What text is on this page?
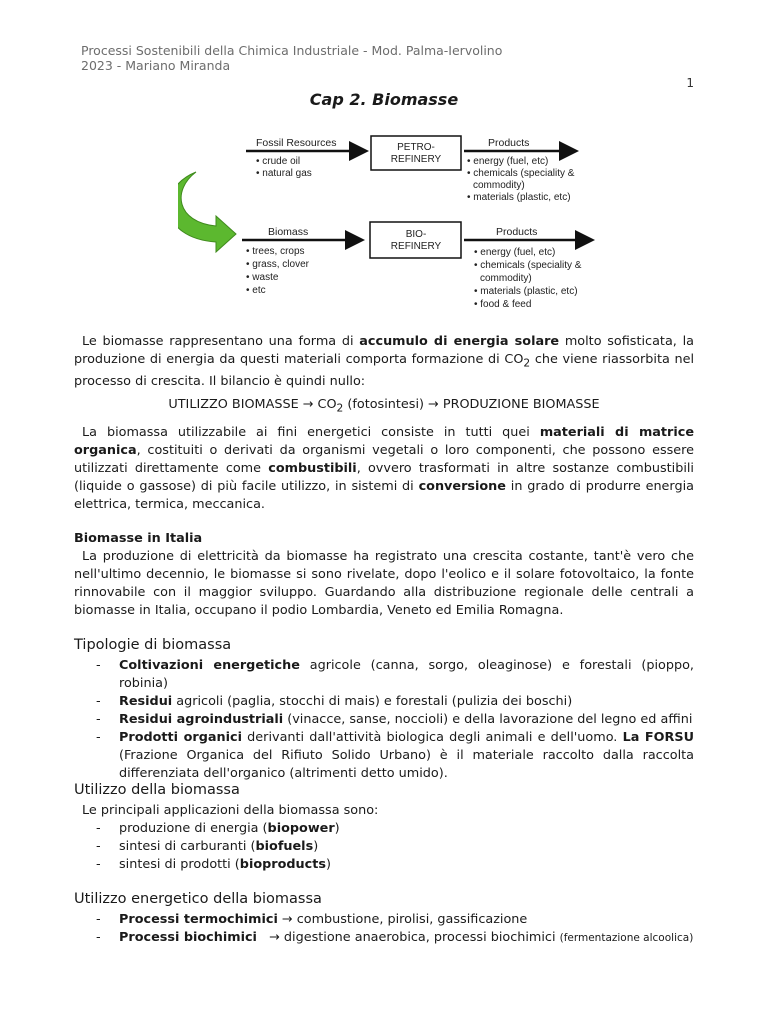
Processi Sostenibili della Chimica Industriale - Mod. Palma-Iervolino
2023 - Mariano Miranda
1
Cap 2. Biomasse
Fossil Resources
• crude oil
• natural gas
PETRO-
REFINERY
Products
• energy (fuel, etc)
• chemicals (speciality &
commodity)
• materials (plastic, etc)
Biomass
• trees, crops
• grass, clover
• waste
• etc
BIO-
REFINERY
Products
• energy (fuel, etc)
• chemicals (speciality &
commodity)
• materials (plastic, etc)
• food & feed
Le biomasse rappresentano una forma di accumulo di energia solare molto sofisticata, la produzione di energia da questi materiali comporta formazione di $CO_2$ che viene riassorbita nel processo di crescita. Il bilancio è quindi nullo:
UTILIZZO BIOMASSE → $CO_2$ (fotosintesi) → PRODUZIONE BIOMASSE
La biomassa utilizzabile ai fini energetici consiste in tutti quei materiali di matrice organica, costituiti o derivati da organismi vegetali o loro componenti, che possono essere utilizzati direttamente come combustibili, ovvero trasformati in altre sostanze combustibili (liquide o gassose) di più facile utilizzo, in sistemi di conversione in grado di produrre energia elettrica, termica, meccanica.
Biomasse in Italia
La produzione di elettricità da biomasse ha registrato una crescita costante, tant'è vero che nell'ultimo decennio, le biomasse si sono rivelate, dopo l'eolico e il solare fotovoltaico, la fonte rinnovabile con il maggior sviluppo. Guardando alla distribuzione regionale delle centrali a biomasse in Italia, occupano il podio Lombardia, Veneto ed Emilia Romagna.
Tipologie di biomassa
- Coltivazioni energetiche agricole (canna, sorgo, oleaginose) e forestali (pioppo, robinia)
- Residui agricoli (paglia, stocchi di mais) e forestali (pulizia dei boschi)
- Residui agroindustriali (vinacce, sanse, noccioli) e della lavorazione del legno ed affini
- Prodotti organici derivanti dall'attività biologica degli animali e dell'uomo. La FORSU (Frazione Organica del Rifiuto Solido Urbano) è il materiale raccolto dalla raccolta differenziata dell'organico (altrimenti detto umido).
Utilizzo della biomassa
Le principali applicazioni della biomassa sono:
- produzione di energia (biopower)
- sintesi di carburanti (biofuels)
- sintesi di prodotti (bioproducts)
Utilizzo energetico della biomassa
- Processi termochimici → combustione, pirolisi, gassificazione
- Processi biochimici   → digestione anaerobica, processi biochimici (fermentazione alcoolica)
